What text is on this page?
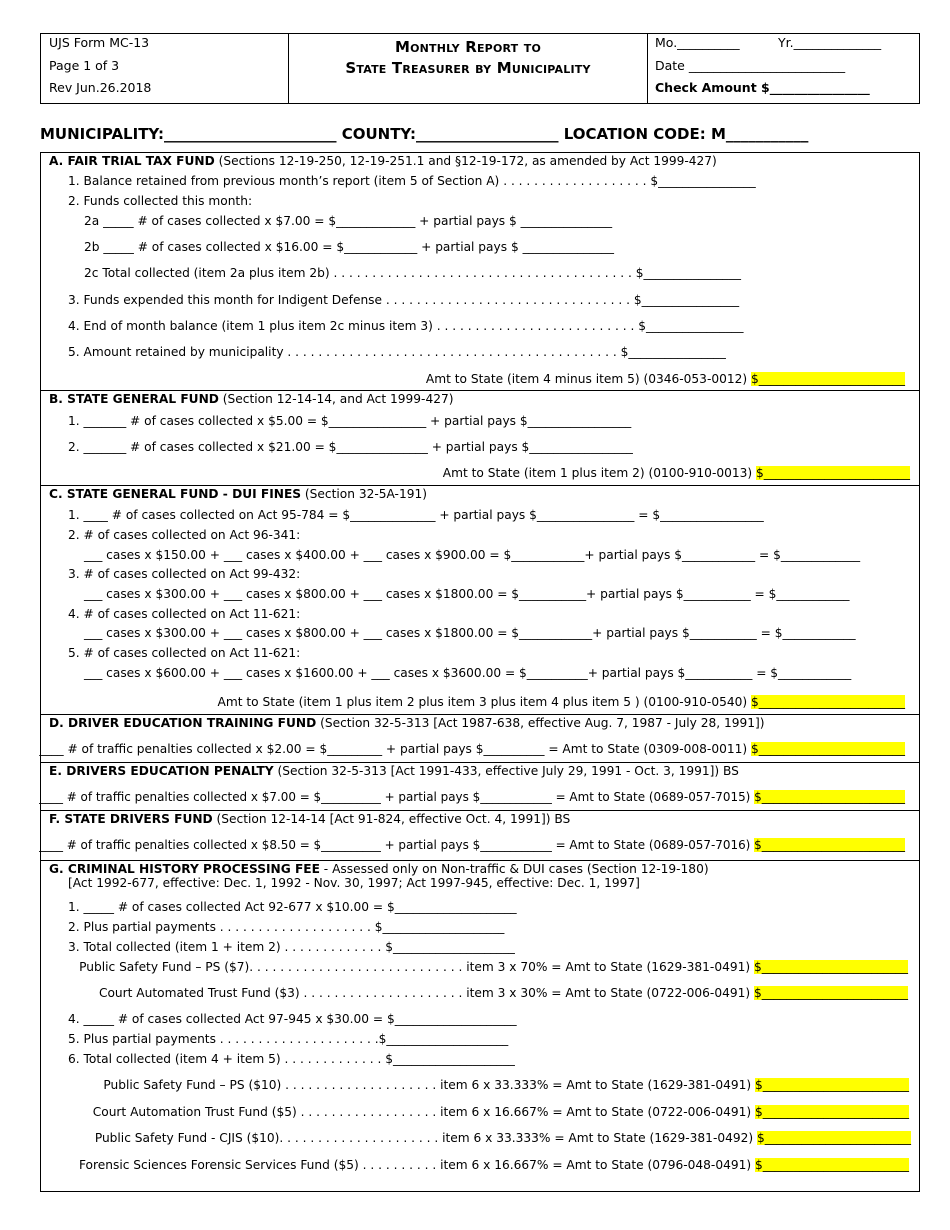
UJS Form MC-13
Page 1 of 3
Rev Jun.26.2018
Monthly Report to
State Treasurer by Municipality
Mo.__________	Yr.______________
Date _________________________
Check Amount $________________
MUNICIPALITY:_______________________ COUNTY:___________________ LOCATION CODE: M___________
A. FAIR TRIAL TAX FUND (Sections 12-19-250, 12-19-251.1 and §12-19-172, as amended by Act 1999-427)
1. Balance retained from previous month’s report (item 5 of Section A) . . . . . . . . . . . . . . . . . . . $________________
2. Funds collected this month:
2a _____ # of cases collected x $7.00 = $_____________ + partial pays $ _______________
2b _____ # of cases collected x $16.00 = $____________ + partial pays $ _______________
2c Total collected (item 2a plus item 2b) . . . . . . . . . . . . . . . . . . . . . . . . . . . . . . . . . . . . . . . $________________
3. Funds expended this month for Indigent Defense . . . . . . . . . . . . . . . . . . . . . . . . . . . . . . . . $________________
4. End of month balance (item 1 plus item 2c minus item 3) . . . . . . . . . . . . . . . . . . . . . . . . . . $________________
5. Amount retained by municipality . . . . . . . . . . . . . . . . . . . . . . . . . . . . . . . . . . . . . . . . . . . $________________
Amt to State (item 4 minus item 5) (0346-053-0012) $________________________
B. STATE GENERAL FUND (Section 12-14-14, and Act 1999-427)
1. _______ # of cases collected x $5.00 = $________________ + partial pays $_________________
2. _______ # of cases collected x $21.00 = $_______________ + partial pays $_________________
Amt to State (item 1 plus item 2) (0100-910-0013) $________________________
C. STATE GENERAL FUND - DUI FINES (Section 32-5A-191)
1. ____ # of cases collected on Act 95-784 = $______________ + partial pays $________________ = $_________________
2. # of cases collected on Act 96-341:
___ cases x $150.00 + ___ cases x $400.00 + ___ cases x $900.00 = $____________+ partial pays $____________ = $_____________
3. # of cases collected on Act 99-432:
___ cases x $300.00 + ___ cases x $800.00 + ___ cases x $1800.00 = $___________+ partial pays $___________ = $____________
4. # of cases collected on Act 11-621:
___ cases x $300.00 + ___ cases x $800.00 + ___ cases x $1800.00 = $____________+ partial pays $___________ = $____________
5. # of cases collected on Act 11-621:
___ cases x $600.00 + ___ cases x $1600.00 + ___ cases x $3600.00 = $__________+ partial pays $___________ = $____________
Amt to State (item 1 plus item 2 plus item 3 plus item 4 plus item 5 ) (0100-910-0540) $________________________
D. DRIVER EDUCATION TRAINING FUND (Section 32-5-313 [Act 1987-638, effective Aug. 7, 1987 - July 28, 1991])
____ # of traffic penalties collected x $2.00 = $_________ + partial pays $__________ = Amt to State (0309-008-0011) $________________________
E. DRIVERS EDUCATION PENALTY (Section 32-5-313 [Act 1991-433, effective July 29, 1991 - Oct. 3, 1991]) BS
____ # of traffic penalties collected x $7.00 = $__________ + partial pays $____________ = Amt to State (0689-057-7015) $________________________
F. STATE DRIVERS FUND (Section 12-14-14 [Act 91-824, effective Oct. 4, 1991]) BS
____ # of traffic penalties collected x $8.50 = $__________ + partial pays $____________ = Amt to State (0689-057-7016) $________________________
G. CRIMINAL HISTORY PROCESSING FEE - Assessed only on Non-traffic & DUI cases (Section 12-19-180)
[Act 1992-677, effective: Dec. 1, 1992 - Nov. 30, 1997; Act 1997-945, effective: Dec. 1, 1997]
1. _____ # of cases collected Act 92-677 x $10.00 = $____________________
2. Plus partial payments . . . . . . . . . . . . . . . . . . . . $____________________
3. Total collected (item 1 + item 2) . . . . . . . . . . . . . $____________________
Public Safety Fund – PS ($7). . . . . . . . . . . . . . . . . . . . . . . . . . . . item 3 x 70% = Amt to State (1629-381-0491) $________________________
Court Automated Trust Fund ($3) . . . . . . . . . . . . . . . . . . . . . item 3 x 30% = Amt to State (0722-006-0491) $________________________
4. _____ # of cases collected Act 97-945 x $30.00 = $____________________
5. Plus partial payments . . . . . . . . . . . . . . . . . . . . .$____________________
6. Total collected (item 4 + item 5) . . . . . . . . . . . . . $____________________
Public Safety Fund – PS ($10) . . . . . . . . . . . . . . . . . . . . item 6 x 33.333% = Amt to State (1629-381-0491) $________________________
Court Automation Trust Fund ($5) . . . . . . . . . . . . . . . . . . item 6 x 16.667% = Amt to State (0722-006-0491) $________________________
Public Safety Fund - CJIS ($10). . . . . . . . . . . . . . . . . . . . . item 6 x 33.333% = Amt to State (1629-381-0492) $________________________
Forensic Sciences Forensic Services Fund ($5) . . . . . . . . . . item 6 x 16.667% = Amt to State (0796-048-0491) $________________________
